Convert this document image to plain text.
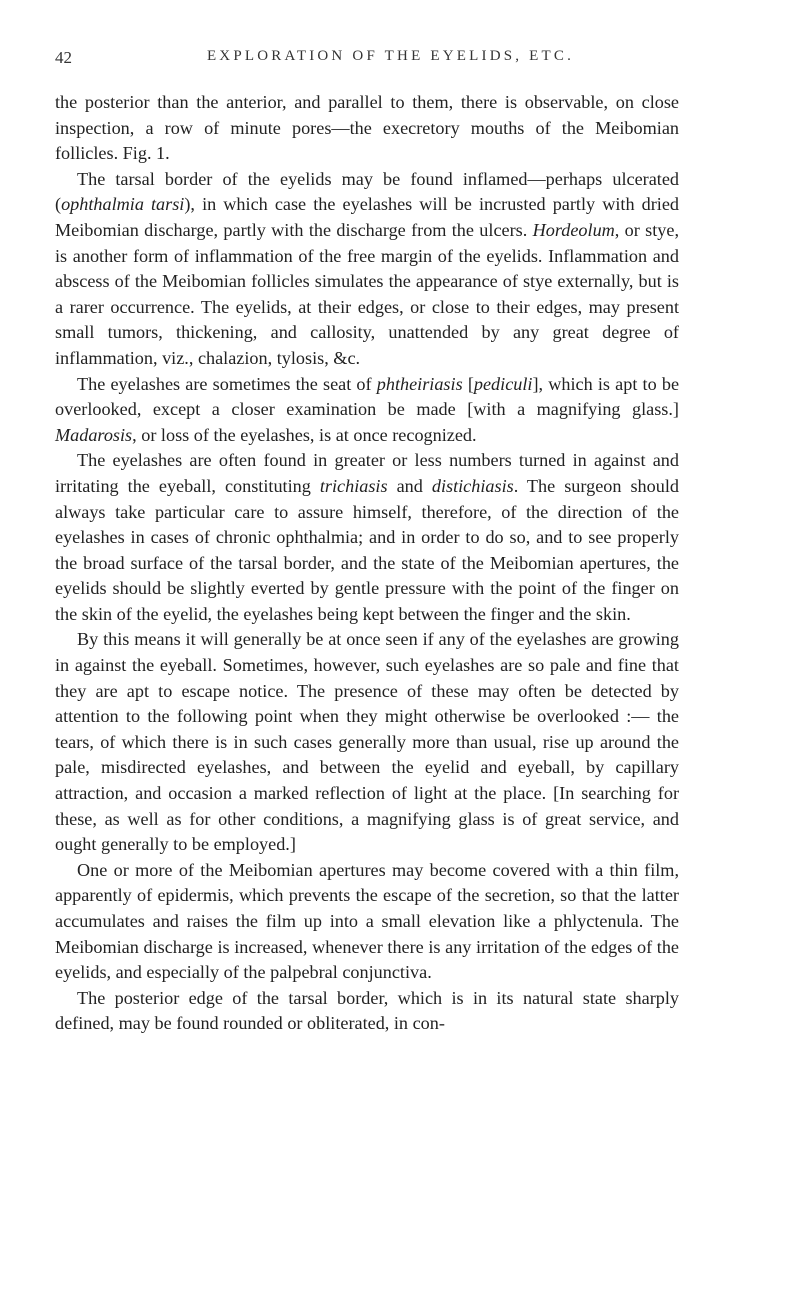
42	EXPLORATION OF THE EYELIDS, ETC.

the posterior than the anterior, and parallel to them, there is observable, on close inspection, a row of minute pores—the execretory mouths of the Meibomian follicles. Fig. 1.

The tarsal border of the eyelids may be found inflamed—perhaps ulcerated (ophthalmia tarsi), in which case the eyelashes will be incrusted partly with dried Meibomian discharge, partly with the discharge from the ulcers. Hordeolum, or stye, is another form of inflammation of the free margin of the eyelids. Inflammation and abscess of the Meibomian follicles simulates the appearance of stye externally, but is a rarer occurrence. The eyelids, at their edges, or close to their edges, may present small tumors, thickening, and callosity, unattended by any great degree of inflammation, viz., chalazion, tylosis, &c.

The eyelashes are sometimes the seat of phtheiriasis [pediculi], which is apt to be overlooked, except a closer examination be made [with a magnifying glass.] Madarosis, or loss of the eyelashes, is at once recognized.

The eyelashes are often found in greater or less numbers turned in against and irritating the eyeball, constituting trichiasis and distichiasis. The surgeon should always take particular care to assure himself, therefore, of the direction of the eyelashes in cases of chronic ophthalmia; and in order to do so, and to see properly the broad surface of the tarsal border, and the state of the Meibomian apertures, the eyelids should be slightly everted by gentle pressure with the point of the finger on the skin of the eyelid, the eyelashes being kept between the finger and the skin.

By this means it will generally be at once seen if any of the eyelashes are growing in against the eyeball. Sometimes, however, such eyelashes are so pale and fine that they are apt to escape notice. The presence of these may often be detected by attention to the following point when they might otherwise be overlooked :— the tears, of which there is in such cases generally more than usual, rise up around the pale, misdirected eyelashes, and between the eyelid and eyeball, by capillary attraction, and occasion a marked reflection of light at the place. [In searching for these, as well as for other conditions, a magnifying glass is of great service, and ought generally to be employed.]

One or more of the Meibomian apertures may become covered with a thin film, apparently of epidermis, which prevents the escape of the secretion, so that the latter accumulates and raises the film up into a small elevation like a phlyctenula. The Meibomian discharge is increased, whenever there is any irritation of the edges of the eyelids, and especially of the palpebral conjunctiva.

The posterior edge of the tarsal border, which is in its natural state sharply defined, may be found rounded or obliterated, in con-
